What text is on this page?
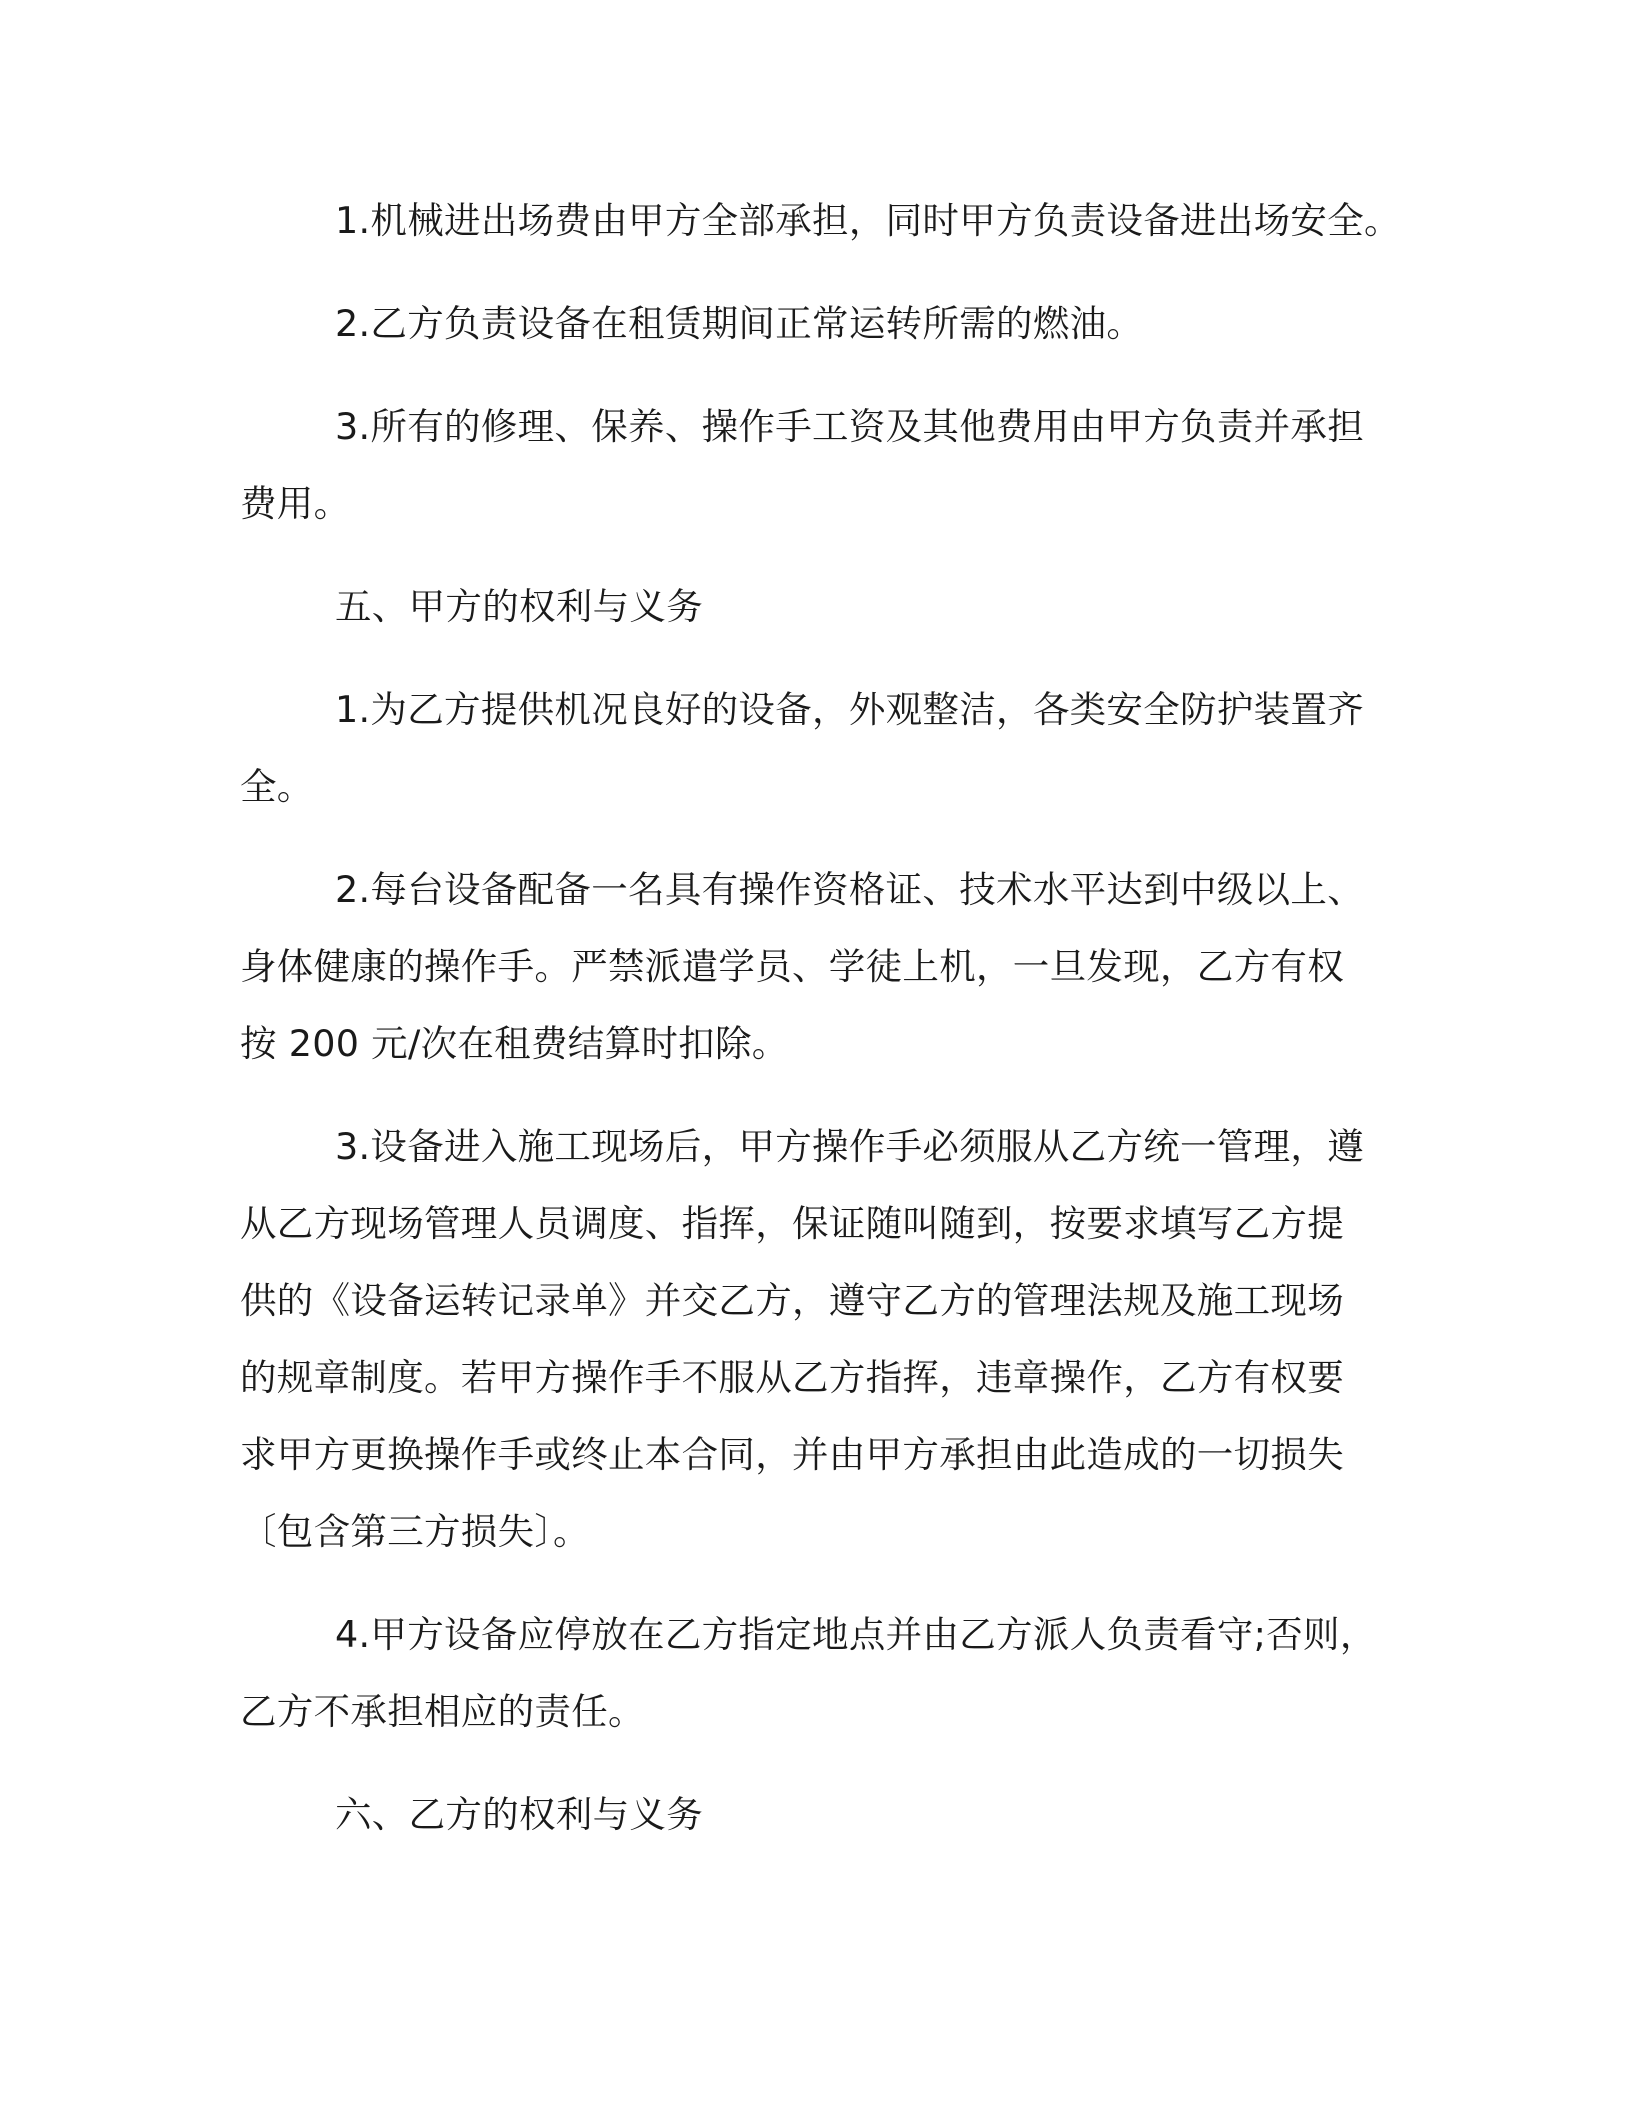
1.机械进出场费由甲方全部承担，同时甲方负责设备进出场安全。

2.乙方负责设备在租赁期间正常运转所需的燃油。

3.所有的修理、保养、操作手工资及其他费用由甲方负责并承担
费用。

五、甲方的权利与义务

1.为乙方提供机况良好的设备，外观整洁，各类安全防护装置齐
全。

2.每台设备配备一名具有操作资格证、技术水平达到中级以上、
身体健康的操作手。严禁派遣学员、学徒上机，一旦发现，乙方有权
按 200 元/次在租费结算时扣除。

3.设备进入施工现场后，甲方操作手必须服从乙方统一管理，遵
从乙方现场管理人员调度、指挥，保证随叫随到，按要求填写乙方提
供的《设备运转记录单》并交乙方，遵守乙方的管理法规及施工现场
的规章制度。若甲方操作手不服从乙方指挥，违章操作，乙方有权要
求甲方更换操作手或终止本合同，并由甲方承担由此造成的一切损失
〔包含第三方损失〕。

4.甲方设备应停放在乙方指定地点并由乙方派人负责看守;否则，
乙方不承担相应的责任。

六、乙方的权利与义务
